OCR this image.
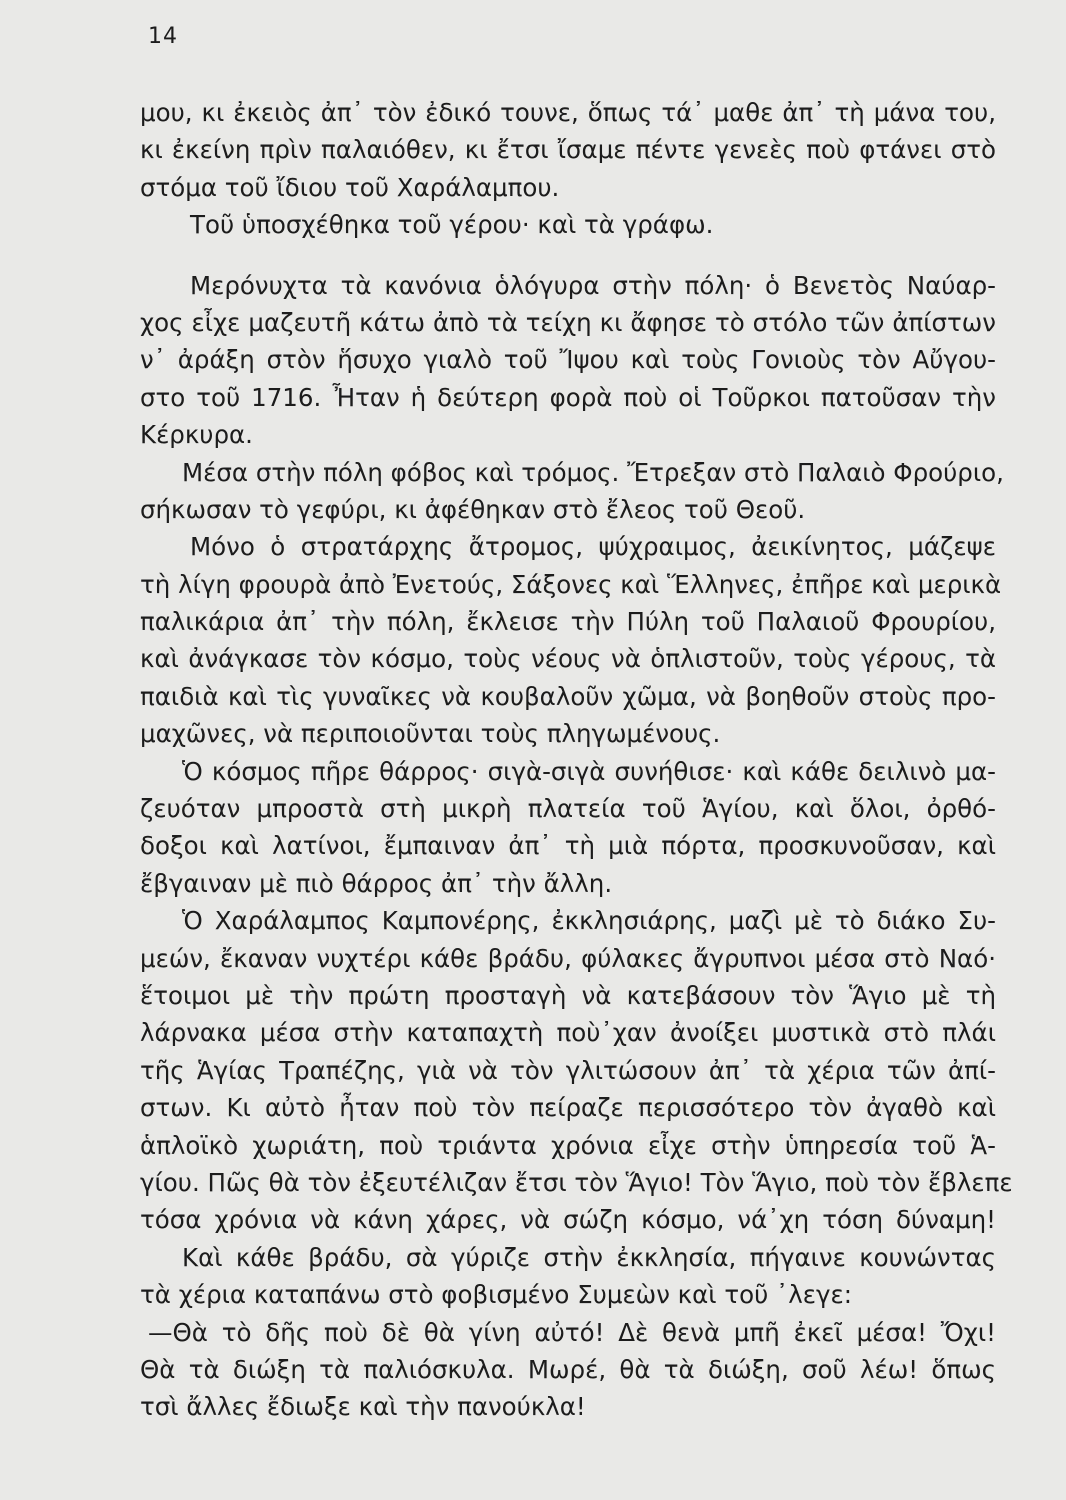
14
μου, κι ἐκειὸς ἀπ᾽ τὸν ἐδικό τουνε, ὅπως τά᾽ μαθε ἀπ᾽ τὴ μάνα του,
κι ἐκείνη πρὶν παλαιόθεν, κι ἔτσι ἴσαμε πέντε γενεὲς ποὺ φτάνει στὸ
στόμα τοῦ ἴδιου τοῦ Χαράλαμπου.
Τοῦ ὑποσχέθηκα τοῦ γέρου· καὶ τὰ γράφω.
Μερόνυχτα τὰ κανόνια ὁλόγυρα στὴν πόλη· ὁ Βενετὸς Ναύαρ-
χος εἶχε μαζευτῆ κάτω ἀπὸ τὰ τείχη κι ἄφησε τὸ στόλο τῶν ἀπίστων
ν᾽ ἀράξη στὸν ἥσυχο γιαλὸ τοῦ Ἴψου καὶ τοὺς Γονιοὺς τὸν Αὔγου-
στο τοῦ 1716. Ἦταν ἡ δεύτερη φορὰ ποὺ οἱ Τοῦρκοι πατοῦσαν τὴν
Κέρκυρα.
Μέσα στὴν πόλη φόβος καὶ τρόμος. Ἔτρεξαν στὸ Παλαιὸ Φρούριο,
σήκωσαν τὸ γεφύρι, κι ἀφέθηκαν στὸ ἔλεος τοῦ Θεοῦ.
Μόνο ὁ στρατάρχης ἄτρομος, ψύχραιμος, ἀεικίνητος, μάζεψε
τὴ λίγη φρουρὰ ἀπὸ Ἐνετούς, Σάξονες καὶ Ἕλληνες, ἐπῆρε καὶ μερικὰ
παλικάρια ἀπ᾽ τὴν πόλη, ἔκλεισε τὴν Πύλη τοῦ Παλαιοῦ Φρουρίου,
καὶ ἀνάγκασε τὸν κόσμο, τοὺς νέους νὰ ὁπλιστοῦν, τοὺς γέρους, τὰ
παιδιὰ καὶ τὶς γυναῖκες νὰ κουβαλοῦν χῶμα, νὰ βοηθοῦν στοὺς προ-
μαχῶνες, νὰ περιποιοῦνται τοὺς πληγωμένους.
Ὁ κόσμος πῆρε θάρρος· σιγὰ-σιγὰ συνήθισε· καὶ κάθε δειλινὸ μα-
ζευόταν μπροστὰ στὴ μικρὴ πλατεία τοῦ Ἁγίου, καὶ ὅλοι, ὀρθό-
δοξοι καὶ λατίνοι, ἔμπαιναν ἀπ᾽ τὴ μιὰ πόρτα, προσκυνοῦσαν, καὶ
ἔβγαιναν μὲ πιὸ θάρρος ἀπ᾽ τὴν ἄλλη.
Ὁ Χαράλαμπος Καμπονέρης, ἐκκλησιάρης, μαζὶ μὲ τὸ διάκο Συ-
μεών, ἔκαναν νυχτέρι κάθε βράδυ, φύλακες ἄγρυπνοι μέσα στὸ Ναό·
ἕτοιμοι μὲ τὴν πρώτη προσταγὴ νὰ κατεβάσουν τὸν Ἅγιο μὲ τὴ
λάρνακα μέσα στὴν καταπαχτὴ ποὺ᾽χαν ἀνοίξει μυστικὰ στὸ πλάι
τῆς Ἁγίας Τραπέζης, γιὰ νὰ τὸν γλιτώσουν ἀπ᾽ τὰ χέρια τῶν ἀπί-
στων. Κι αὐτὸ ἦταν ποὺ τὸν πείραζε περισσότερο τὸν ἀγαθὸ καὶ
ἁπλοϊκὸ χωριάτη, ποὺ τριάντα χρόνια εἶχε στὴν ὑπηρεσία τοῦ Ἁ-
γίου. Πῶς θὰ τὸν ἐξευτέλιζαν ἔτσι τὸν Ἅγιο! Τὸν Ἅγιο, ποὺ τὸν ἔβλεπε
τόσα χρόνια νὰ κάνη χάρες, νὰ σώζη κόσμο, νά᾽χη τόση δύναμη!
Καὶ κάθε βράδυ, σὰ γύριζε στὴν ἐκκλησία, πήγαινε κουνώντας
τὰ χέρια καταπάνω στὸ φοβισμένο Συμεὼν καὶ τοῦ ᾽λεγε:
—Θὰ τὸ δῆς ποὺ δὲ θὰ γίνη αὐτό! Δὲ θενὰ μπῆ ἐκεῖ μέσα! Ὄχι!
Θὰ τὰ διώξη τὰ παλιόσκυλα. Μωρέ, θὰ τὰ διώξη, σοῦ λέω! ὅπως
τσὶ ἄλλες ἔδιωξε καὶ τὴν πανούκλα!
